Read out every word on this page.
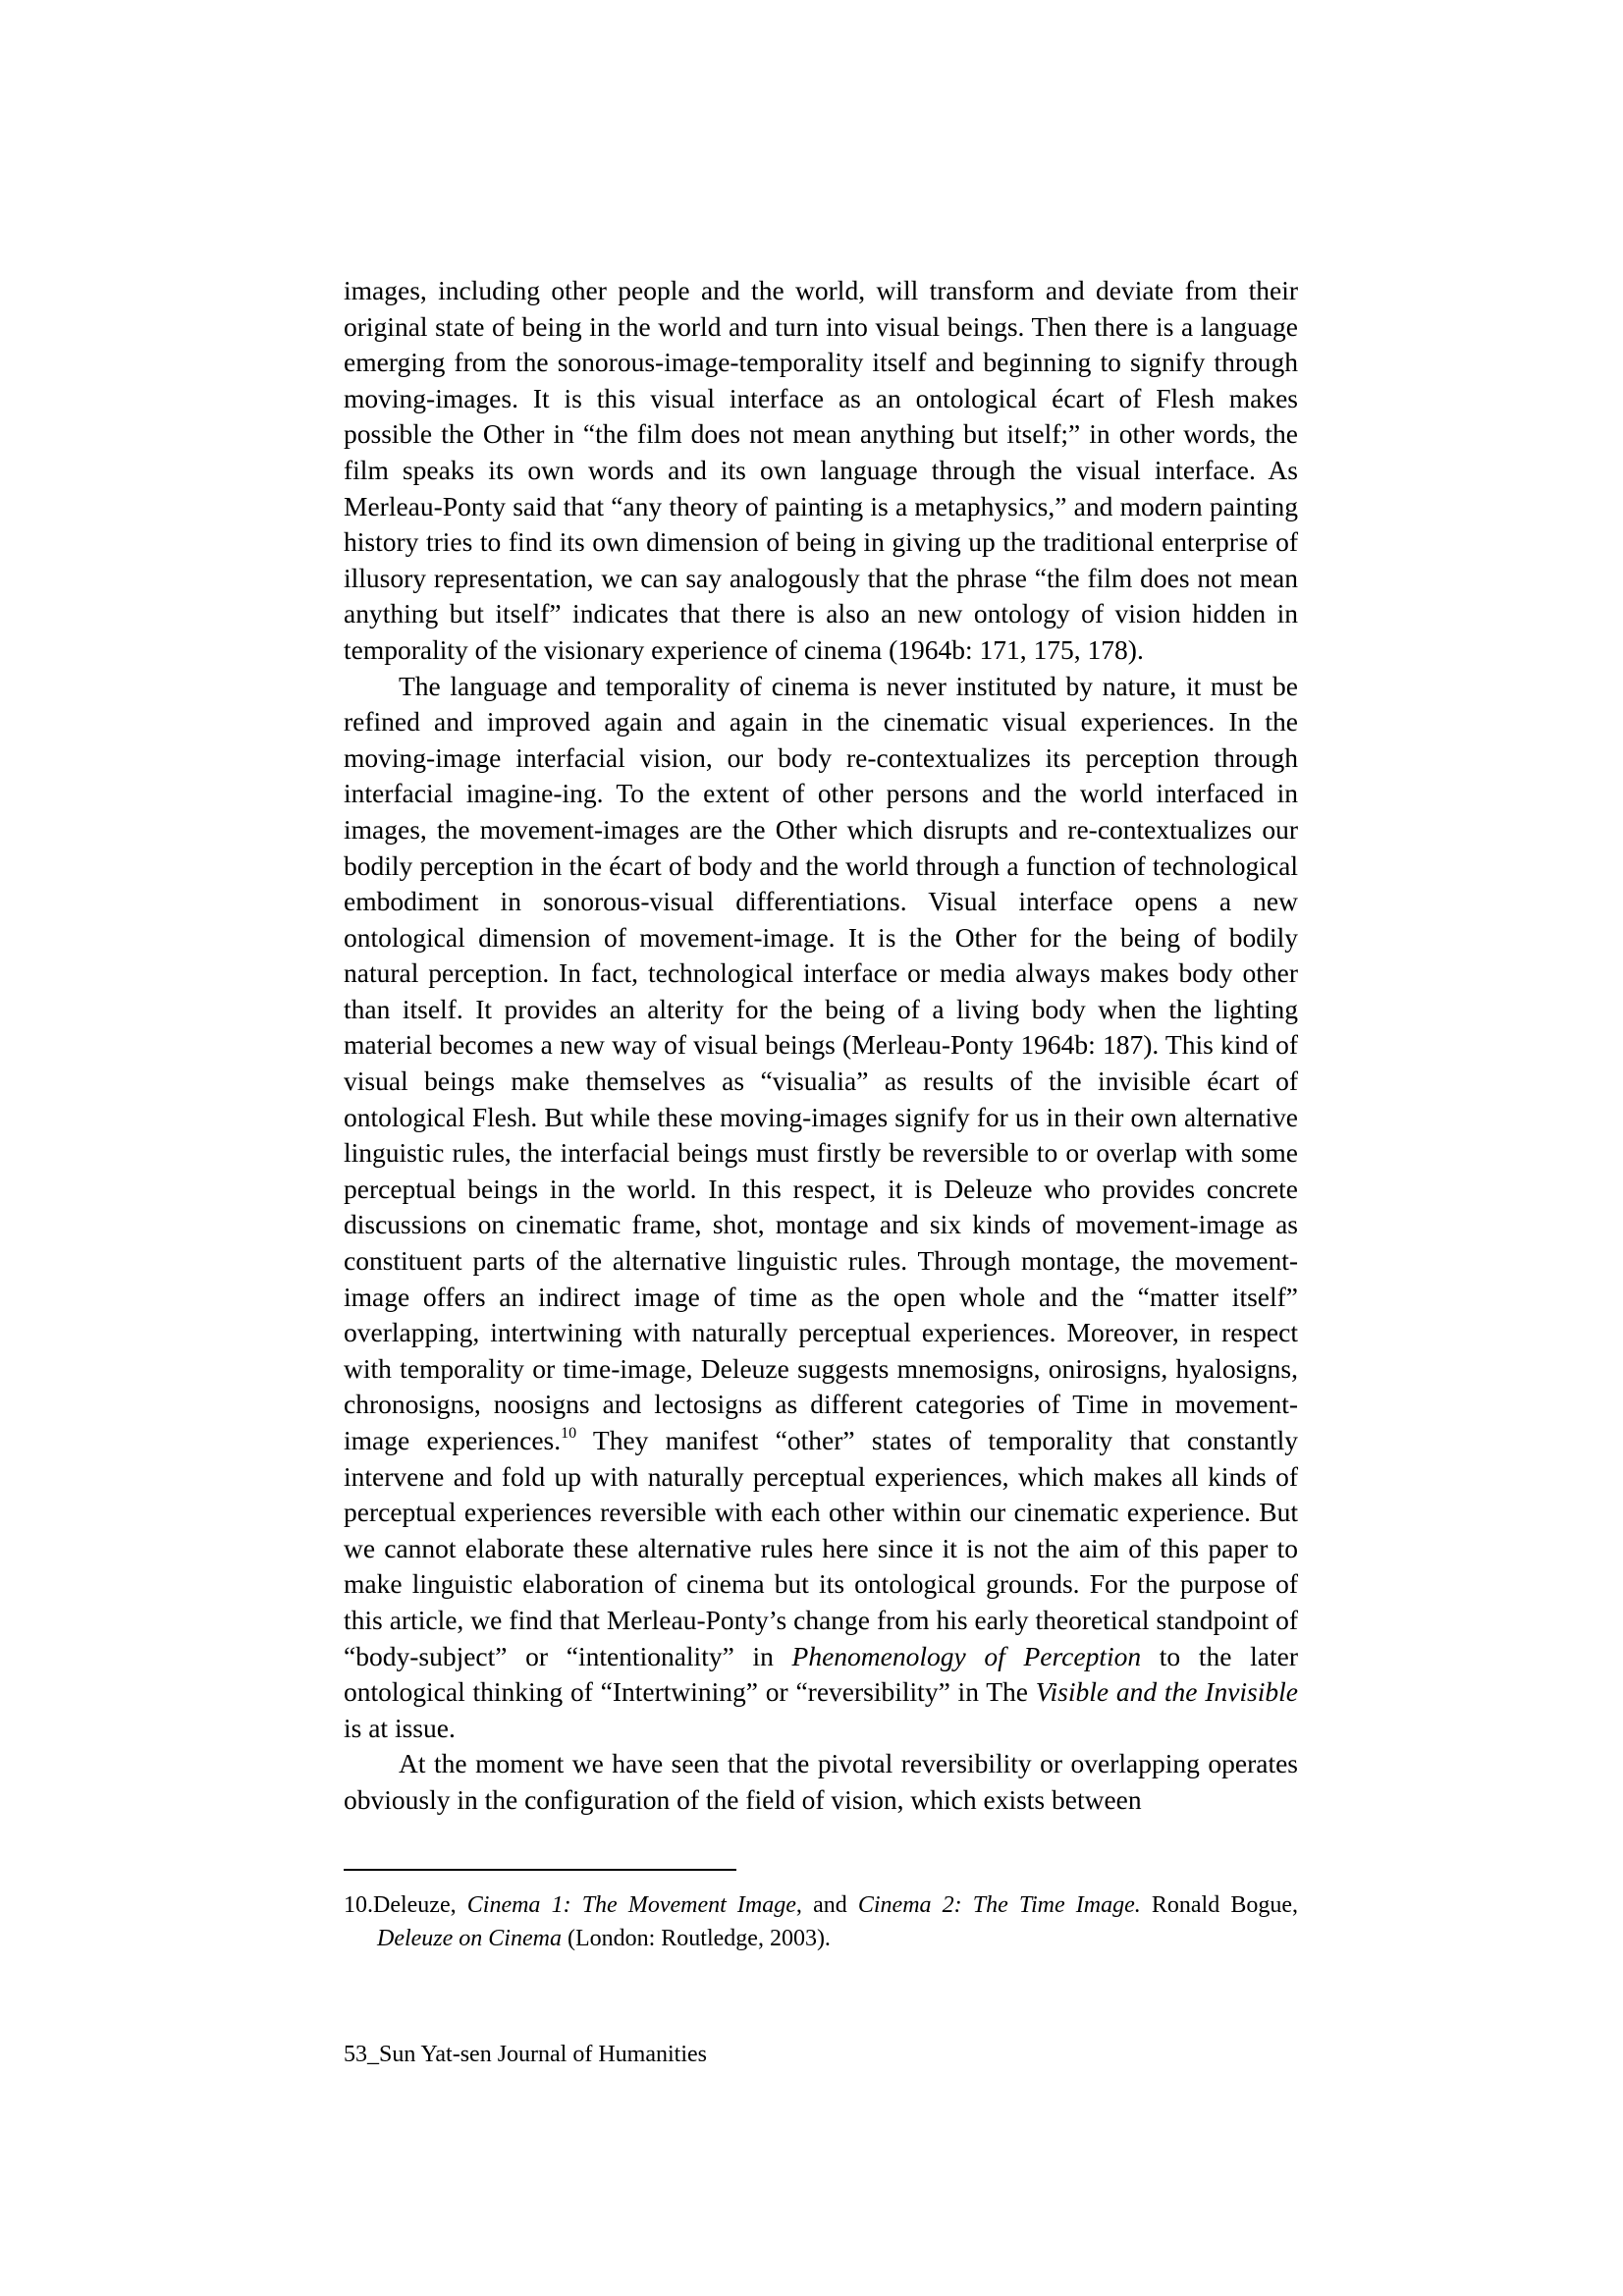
images, including other people and the world, will transform and deviate from their original state of being in the world and turn into visual beings. Then there is a language emerging from the sonorous-image-temporality itself and beginning to signify through moving-images. It is this visual interface as an ontological écart of Flesh makes possible the Other in “the film does not mean anything but itself;” in other words, the film speaks its own words and its own language through the visual interface. As Merleau-Ponty said that “any theory of painting is a metaphysics,” and modern painting history tries to find its own dimension of being in giving up the traditional enterprise of illusory representation, we can say analogously that the phrase “the film does not mean anything but itself” indicates that there is also an new ontology of vision hidden in temporality of the visionary experience of cinema (1964b: 171, 175, 178).

The language and temporality of cinema is never instituted by nature, it must be refined and improved again and again in the cinematic visual experiences. In the moving-image interfacial vision, our body re-contextualizes its perception through interfacial imagine-ing. To the extent of other persons and the world interfaced in images, the movement-images are the Other which disrupts and re-contextualizes our bodily perception in the écart of body and the world through a function of technological embodiment in sonorous-visual differentiations. Visual interface opens a new ontological dimension of movement-image. It is the Other for the being of bodily natural perception. In fact, technological interface or media always makes body other than itself. It provides an alterity for the being of a living body when the lighting material becomes a new way of visual beings (Merleau-Ponty 1964b: 187). This kind of visual beings make themselves as “visualia” as results of the invisible écart of ontological Flesh. But while these moving-images signify for us in their own alternative linguistic rules, the interfacial beings must firstly be reversible to or overlap with some perceptual beings in the world. In this respect, it is Deleuze who provides concrete discussions on cinematic frame, shot, montage and six kinds of movement-image as constituent parts of the alternative linguistic rules. Through montage, the movement-image offers an indirect image of time as the open whole and the “matter itself” overlapping, intertwining with naturally perceptual experiences. Moreover, in respect with temporality or time-image, Deleuze suggests mnemosigns, onirosigns, hyalosigns, chronosigns, noosigns and lectosigns as different categories of Time in movement-image experiences.$^{10}$ They manifest “other” states of temporality that constantly intervene and fold up with naturally perceptual experiences, which makes all kinds of perceptual experiences reversible with each other within our cinematic experience. But we cannot elaborate these alternative rules here since it is not the aim of this paper to make linguistic elaboration of cinema but its ontological grounds. For the purpose of this article, we find that Merleau-Ponty’s change from his early theoretical standpoint of “body-subject” or “intentionality” in Phenomenology of Perception to the later ontological thinking of “Intertwining” or “reversibility” in The Visible and the Invisible is at issue.

At the moment we have seen that the pivotal reversibility or overlapping operates obviously in the configuration of the field of vision, which exists between

10.Deleuze, Cinema 1: The Movement Image, and Cinema 2: The Time Image. Ronald Bogue, Deleuze on Cinema (London: Routledge, 2003).

53_Sun Yat-sen Journal of Humanities
